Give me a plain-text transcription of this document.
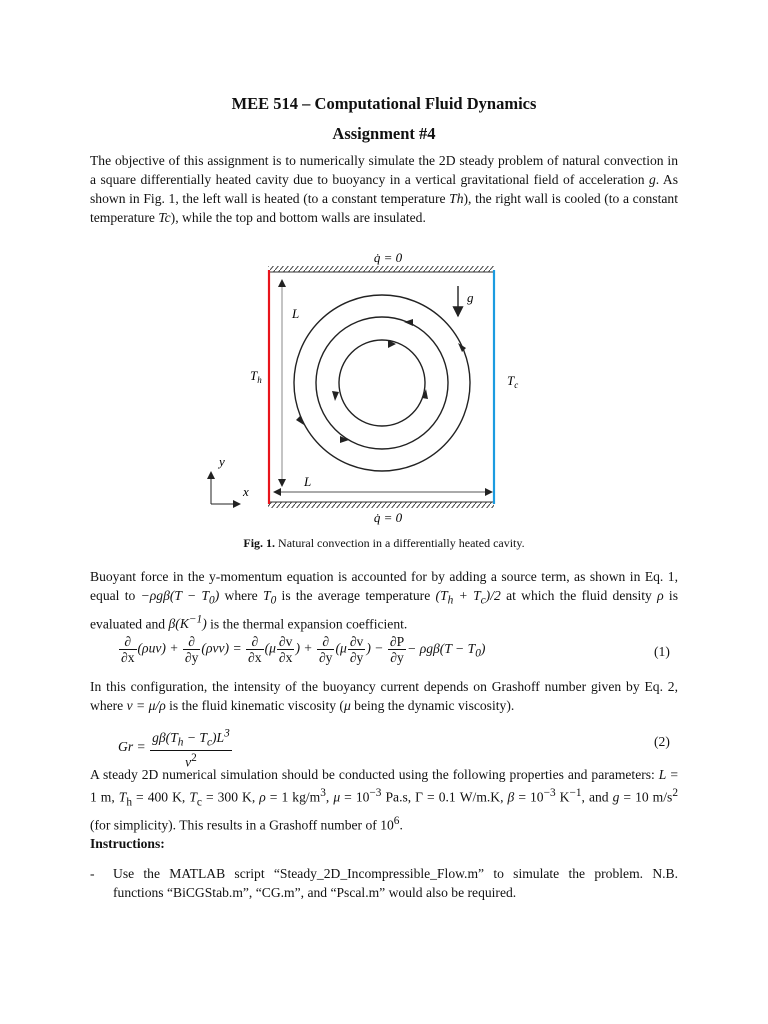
MEE 514 – Computational Fluid Dynamics
Assignment #4
The objective of this assignment is to numerically simulate the 2D steady problem of natural convection in a square differentially heated cavity due to buoyancy in a vertical gravitational field of acceleration g. As shown in Fig. 1, the left wall is heated (to a constant temperature Th), the right wall is cooled (to a constant temperature Tc), while the top and bottom walls are insulated.
q̇ = 0
q̇ = 0
L
L
g
$T_h$	$T_c$
y
x
Fig. 1. Natural convection in a differentially heated cavity.
Buoyant force in the y-momentum equation is accounted for by adding a source term, as shown in Eq. 1, equal to $-\rho g\beta(T - T_0)$ where $T_0$ is the average temperature $(T_h + T_c)/2$ at which the fluid density ρ is evaluated and $\beta(K^{-1})$ is the thermal expansion coefficient.
$\frac{\partial}{\partial x} (\rho uv) + \frac{\partial}{\partial y} (\rho vv) = \frac{\partial}{\partial x} (\mu \frac{\partial v}{\partial x}$ ) + $\frac{\partial}{\partial y} (\mu \frac{\partial v}{\partial y}$ ) − $\frac{\partial P}{\partial y} - \rho g\beta(T - T_0)$	(1)
In this configuration, the intensity of the buoyancy current depends on Grashoff number given by Eq. 2, where ν = μ/ρ is the fluid kinematic viscosity (μ being the dynamic viscosity).
$Gr = \frac{g\beta(T_h - T_c)L^3}{\nu^2}$	(2)
A steady 2D numerical simulation should be conducted using the following properties and parameters: L = 1 m, $T_h = 400$ K, $T_c = 300$ K, ρ = 1 $kg/m^3$, $\mu = 10^{-3}$ Pa.s, Γ = 0.1 W/m.K, $\beta = 10^{-3}$ $K^{-1}$, and g = 10 $m/s^2$ (for simplicity). This results in a Grashoff number of $10^6$.
Instructions:
- Use the MATLAB script “Steady_2D_Incompressible_Flow.m” to simulate the problem. N.B. functions “BiCGStab.m”, “CG.m”, and “Pscal.m” would also be required.
